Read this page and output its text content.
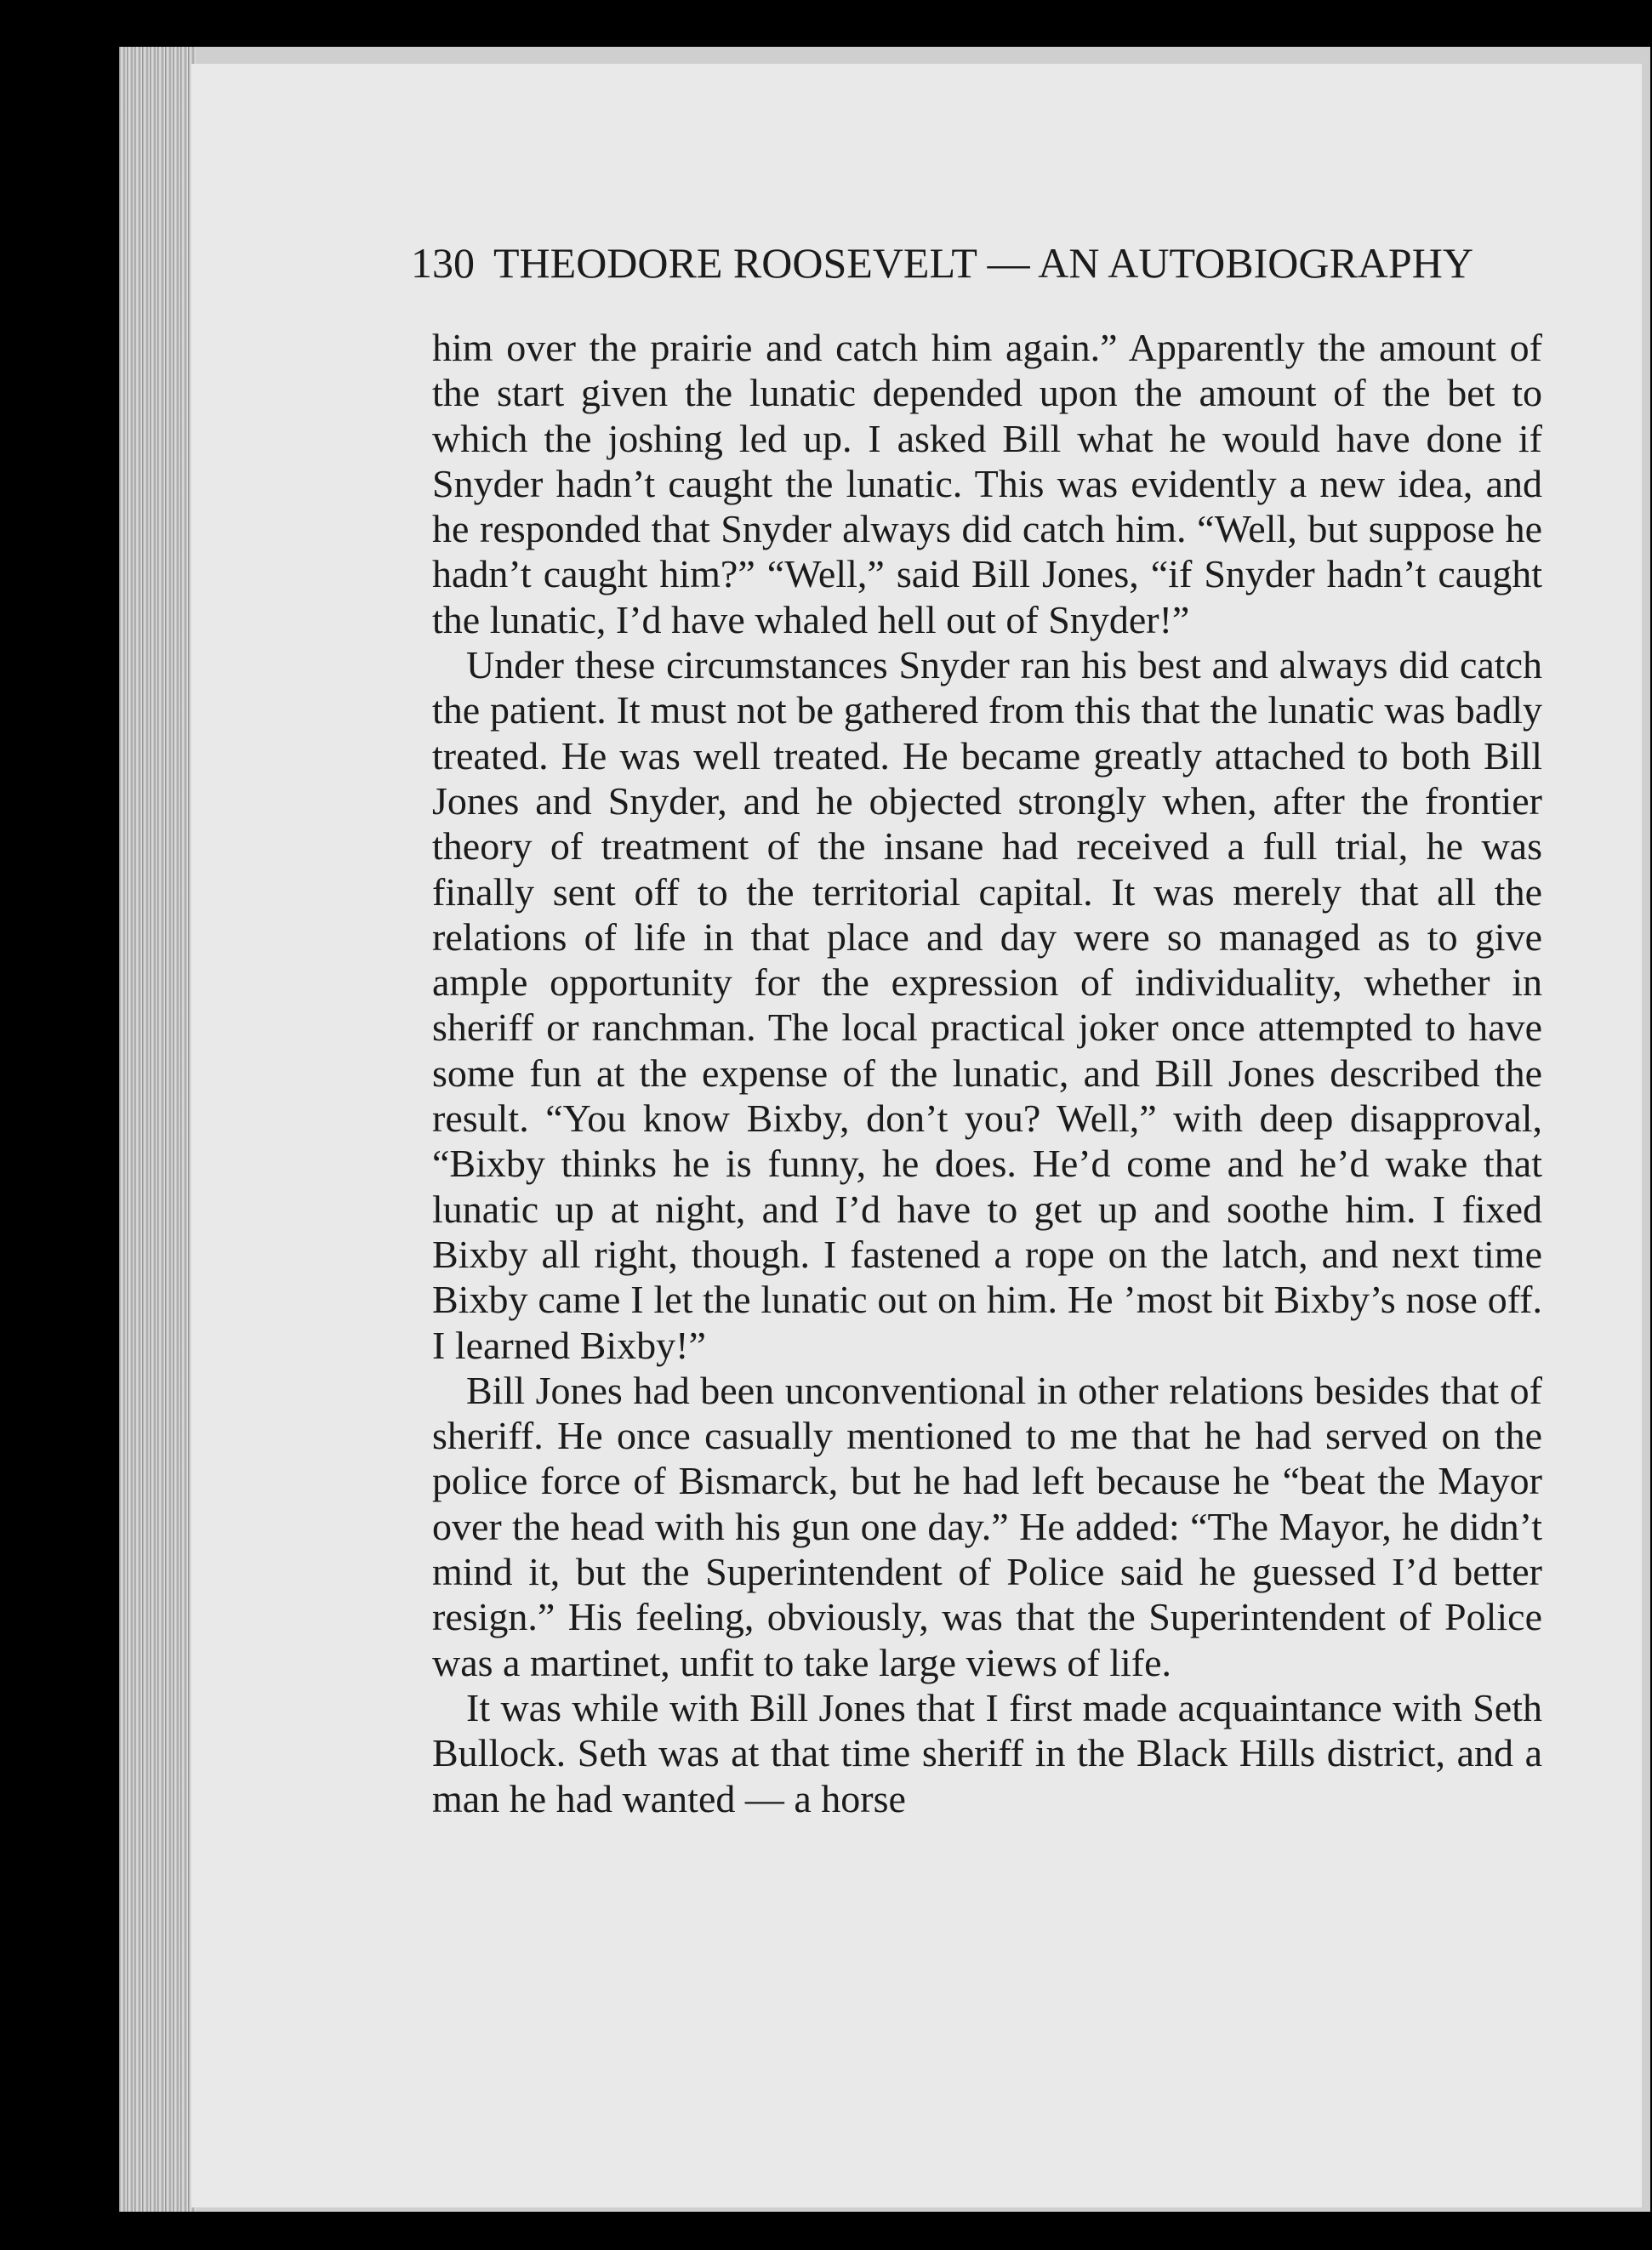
130 THEODORE ROOSEVELT — AN AUTOBIOGRAPHY

him over the prairie and catch him again.” Apparently the amount of the start given the lunatic depended upon the amount of the bet to which the joshing led up. I asked Bill what he would have done if Snyder hadn’t caught the lunatic. This was evidently a new idea, and he responded that Snyder always did catch him. “Well, but suppose he hadn’t caught him?” “Well,” said Bill Jones, “if Snyder hadn’t caught the lunatic, I’d have whaled hell out of Snyder!”

Under these circumstances Snyder ran his best and always did catch the patient. It must not be gathered from this that the lunatic was badly treated. He was well treated. He became greatly attached to both Bill Jones and Snyder, and he objected strongly when, after the frontier theory of treatment of the insane had received a full trial, he was finally sent off to the territorial capital. It was merely that all the relations of life in that place and day were so managed as to give ample opportunity for the expression of individuality, whether in sheriff or ranchman. The local practical joker once attempted to have some fun at the expense of the lunatic, and Bill Jones described the result. “You know Bixby, don’t you? Well,” with deep disapproval, “Bixby thinks he is funny, he does. He’d come and he’d wake that lunatic up at night, and I’d have to get up and soothe him. I fixed Bixby all right, though. I fastened a rope on the latch, and next time Bixby came I let the lunatic out on him. He ’most bit Bixby’s nose off. I learned Bixby!”

Bill Jones had been unconventional in other relations besides that of sheriff. He once casually mentioned to me that he had served on the police force of Bismarck, but he had left because he “beat the Mayor over the head with his gun one day.” He added: “The Mayor, he didn’t mind it, but the Superintendent of Police said he guessed I’d better resign.” His feeling, obviously, was that the Superintendent of Police was a martinet, unfit to take large views of life.

It was while with Bill Jones that I first made acquaintance with Seth Bullock. Seth was at that time sheriff in the Black Hills district, and a man he had wanted — a horse
